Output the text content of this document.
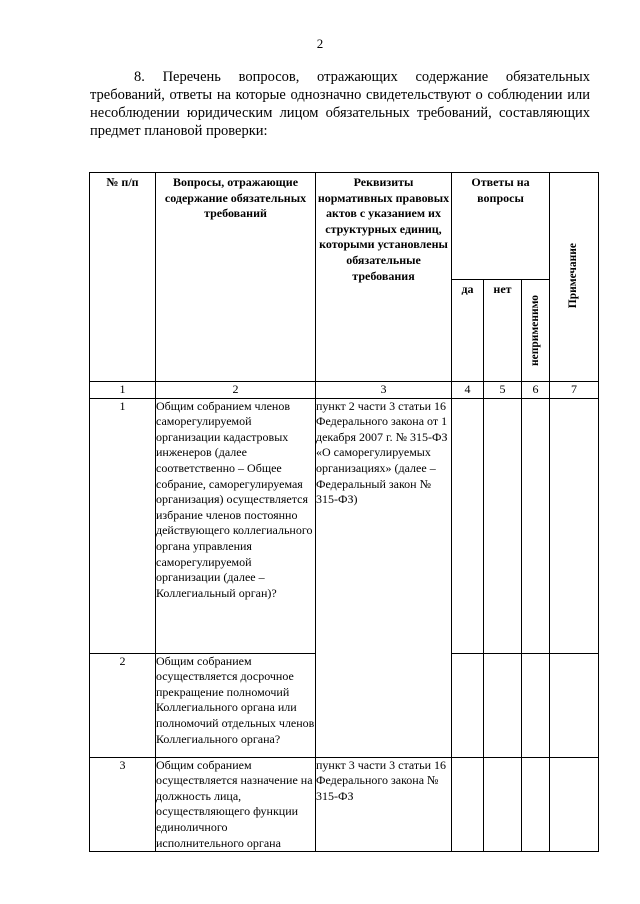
2

8. Перечень вопросов, отражающих содержание обязательных требований, ответы на которые однозначно свидетельствуют о соблюдении или несоблюдении юридическим лицом обязательных требований, составляющих предмет плановой проверки:

№ п/п	Вопросы, отражающие содержание обязательных требований	Реквизиты нормативных правовых актов с указанием их структурных единиц, которыми установлены обязательные требования	Ответы на вопросы			Примечание

			да	нет	неприменимо	

1	2	3	4	5	6	7
1	Общим собранием членов саморегулируемой организации кадастровых инженеров (далее соответственно – Общее собрание, саморегулируемая организация) осуществляется избрание членов постоянно действующего коллегиального органа управления саморегулируемой организации (далее – Коллегиальный орган)?	пункт 2 части 3 статьи 16 Федерального закона от 1 декабря 2007 г. № 315-ФЗ «О саморегулируемых организациях» (далее – Федеральный закон № 315-ФЗ)				
2	Общим собранием осуществляется досрочное прекращение полномочий Коллегиального органа или полномочий отдельных членов Коллегиального органа?					
3	Общим собранием осуществляется назначение на должность лица, осуществляющего функции единоличного исполнительного органа	пункт 3 части 3 статьи 16 Федерального закона № 315-ФЗ				
